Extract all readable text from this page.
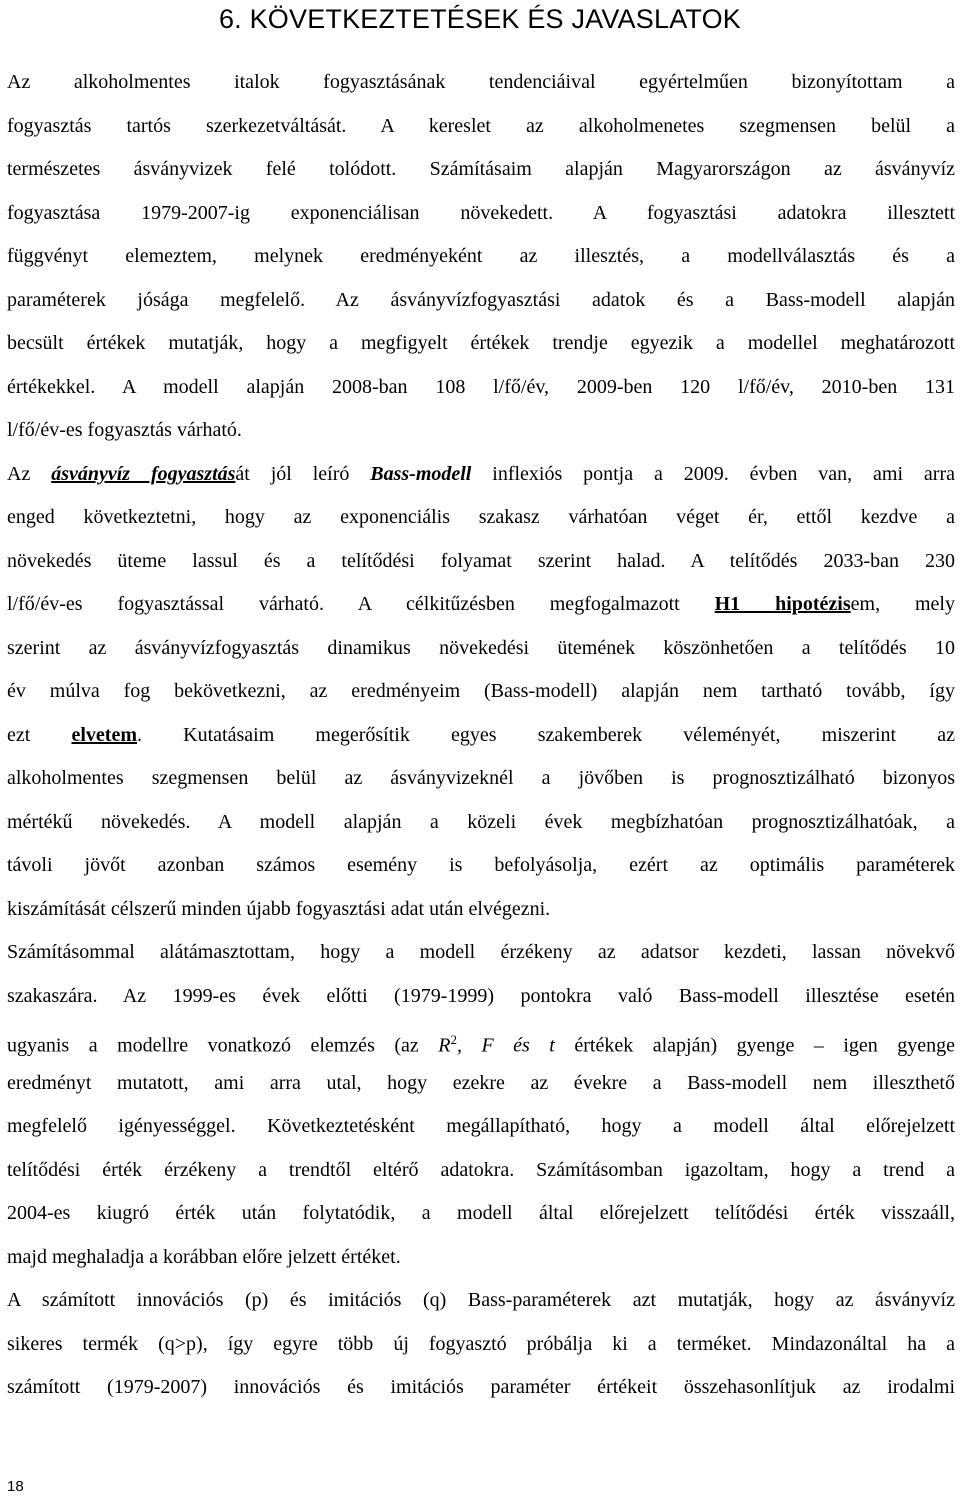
6. KÖVETKEZTETÉSEK ÉS JAVASLATOK

Az alkoholmentes italok fogyasztásának tendenciáival egyértelműen bizonyítottam a
fogyasztás tartós szerkezetváltását. A kereslet az alkoholmenetes szegmensen belül a
természetes ásványvizek felé tolódott. Számításaim alapján Magyarországon az ásványvíz
fogyasztása 1979-2007-ig exponenciálisan növekedett. A fogyasztási adatokra illesztett
függvényt elemeztem, melynek eredményeként az illesztés, a modellválasztás és a
paraméterek jósága megfelelő. Az ásványvízfogyasztási adatok és a Bass-modell alapján
becsült értékek mutatják, hogy a megfigyelt értékek trendje egyezik a modellel meghatározott
értékekkel. A modell alapján 2008-ban 108 l/fő/év, 2009-ben 120 l/fő/év, 2010-ben 131
l/fő/év-es fogyasztás várható.

Az ásványvíz fogyasztását jól leíró Bass-modell inflexiós pontja a 2009. évben van, ami arra
enged következtetni, hogy az exponenciális szakasz várhatóan véget ér, ettől kezdve a
növekedés üteme lassul és a telítődési folyamat szerint halad. A telítődés 2033-ban 230
l/fő/év-es fogyasztással várható. A célkitűzésben megfogalmazott H1 hipotézisem, mely
szerint az ásványvízfogyasztás dinamikus növekedési ütemének köszönhetően a telítődés 10
év múlva fog bekövetkezni, az eredményeim (Bass-modell) alapján nem tartható tovább, így
ezt elvetem. Kutatásaim megerősítik egyes szakemberek véleményét, miszerint az
alkoholmentes szegmensen belül az ásványvizeknél a jövőben is prognosztizálható bizonyos
mértékű növekedés. A modell alapján a közeli évek megbízhatóan prognosztizálhatóak, a
távoli jövőt azonban számos esemény is befolyásolja, ezért az optimális paraméterek
kiszámítását célszerű minden újabb fogyasztási adat után elvégezni.

Számításommal alátámasztottam, hogy a modell érzékeny az adatsor kezdeti, lassan növekvő
szakaszára. Az 1999-es évek előtti (1979-1999) pontokra való Bass-modell illesztése esetén
ugyanis a modellre vonatkozó elemzés (az $R^2$, F és t értékek alapján) gyenge – igen gyenge
eredményt mutatott, ami arra utal, hogy ezekre az évekre a Bass-modell nem illeszthető
megfelelő igényességgel. Következtetésként megállapítható, hogy a modell által előrejelzett
telítődési érték érzékeny a trendtől eltérő adatokra. Számításomban igazoltam, hogy a trend a
2004-es kiugró érték után folytatódik, a modell által előrejelzett telítődési érték visszaáll,
majd meghaladja a korábban előre jelzett értéket.

A számított innovációs (p) és imitációs (q) Bass-paraméterek azt mutatják, hogy az ásványvíz
sikeres termék (q>p), így egyre több új fogyasztó próbálja ki a terméket. Mindazonáltal ha a
számított (1979-2007) innovációs és imitációs paraméter értékeit összehasonlítjuk az irodalmi

18
